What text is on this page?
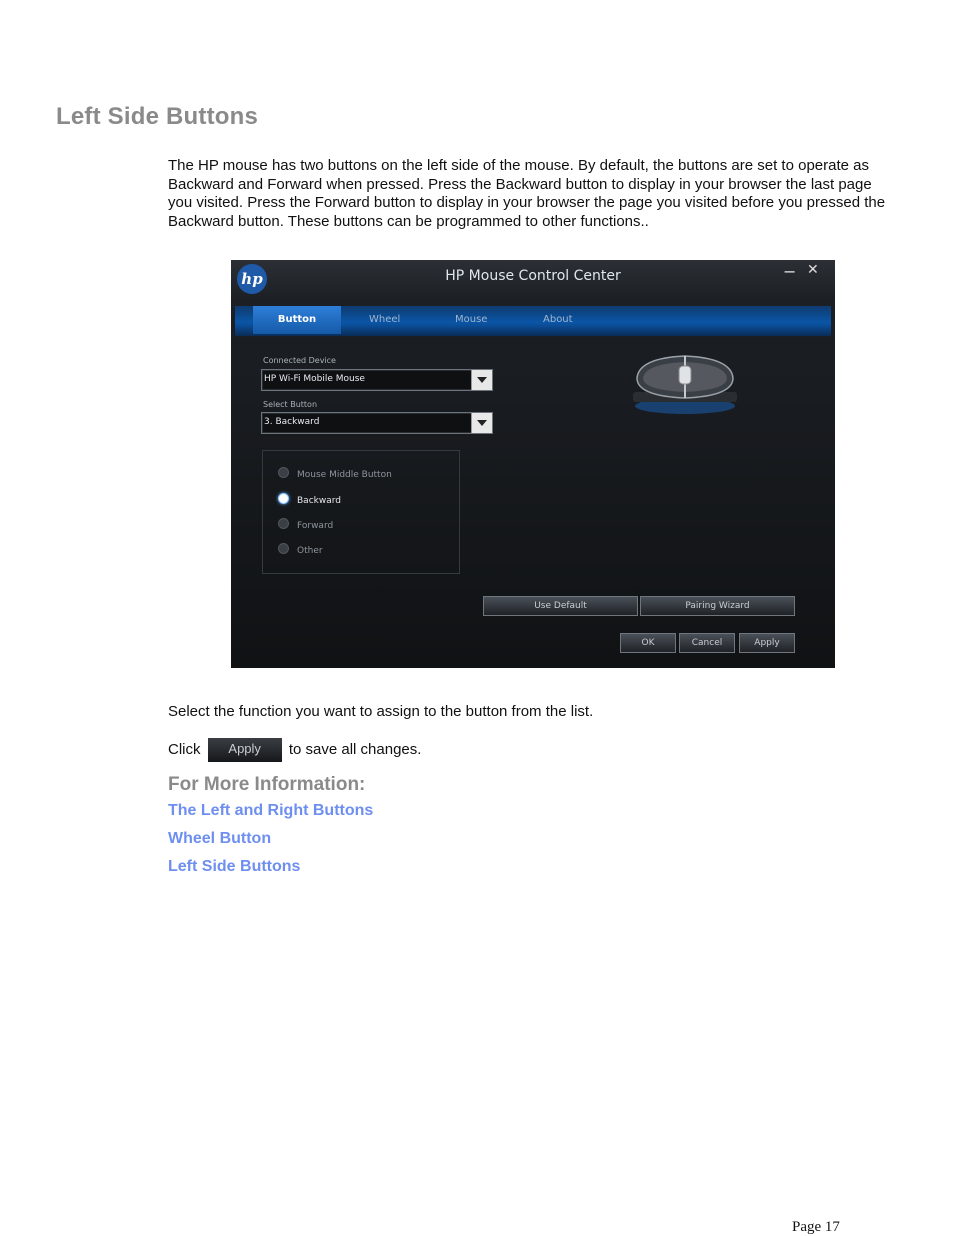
Left Side Buttons
The HP mouse has two buttons on the left side of the mouse. By default, the buttons are set to operate as Backward and Forward when pressed. Press the Backward button to display in your browser the last page you visited. Press the Forward button to display in your browser the page you visited before you pressed the Backward button. These buttons can be programmed to other functions..
hp	HP Mouse Control Center	− ✕
Button	Wheel	Mouse	About
Connected Device
HP Wi-Fi Mobile Mouse
Select Button
3. Backward
Mouse Middle Button
Backward
Forward
Other
Use Default	Pairing Wizard
OK	Cancel	Apply
Select the function you want to assign to the button from the list.
Click Apply to save all changes.
For More Information:
The Left and Right Buttons
Wheel Button
Left Side Buttons
Page 17
